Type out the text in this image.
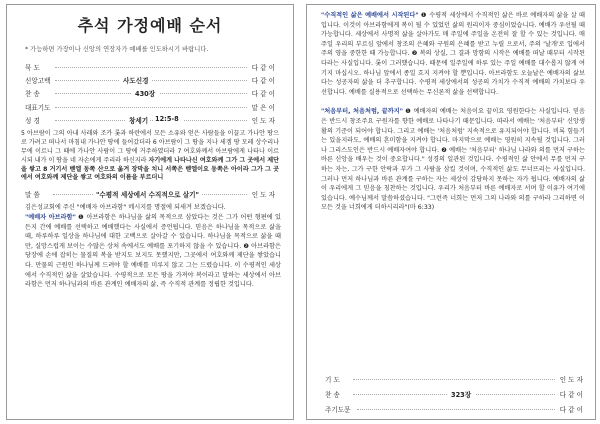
추석 가정예배 순서
* 가능하면 가장이나 신앙의 연장자가 예배를 인도하시기 바랍니다.
묵 도	다 같 이
신앙고백	사도신경	다 같 이
찬 송	430장	다 같 이
대표기도	맡 은 이
성 경	창세기	12:5-8	인 도 자
5 아브람이 그의 아내 사래와 조카 롯과 하란에서 모든 소유와 얻은 사람들을 이끌고 가나안 땅으로 가려고 떠나서 마침내 가나안 땅에 들어갔더라 6 아브람이 그 땅을 지나 세겜 땅 모레 상수리나무에 이르니 그 때에 가나안 사람이 그 땅에 거주하였더라 7 여호와께서 아브람에게 나타나 이르시되 내가 이 땅을 네 자손에게 주리라 하신지라 자기에게 나타나신 여호와께 그가 그 곳에서 제단을 쌓고 8 거기서 벧엘 동쪽 산으로 옮겨 장막을 치니 서쪽은 벧엘이요 동쪽은 아이라 그가 그 곳에서 여호와께 제단을 쌓고 여호와의 이름을 부르더니
말 씀	"수평적 세상에서 수직적으로 살기"	인 도 자
김은성교회에 주신 "예배자 아브라함" 메시지를 명절에 되새겨 보겠습니다.
"예배자 아브라함" ❶ 아브라함은 하나님을 삶의 목적으로 삼았다는 것은 그가 어떤 형편에 있든지 간에 예배를 선택하고 예배했다는 사실에서 증언됩니다. 믿음은 하나님을 목적으로 삶을 때, 하루하루 일상을 하나님에 대한 고백으로 살아갈 수 있습니다. 하나님을 목적으로 삶을 때만, 실망스럽게 보이는 수많은 상처 속에서도 예배를 포기하지 않을 수 있습니다. ❷ 아브라함은 당장에 손에 잡히는 물질의 복을 받지도 보지도 못했지만, 그곳에서 여호와께 제단을 쌓았습니다. 만물의 근원인 하나님께 드려야 할 예배를 미루지 않고 그는 드렸습니다. 이 수평적인 세상에서 수직적인 삶을 살았습니다. 수평적으로 모든 땅을 가져야 복이라고 말하는 세상에서 아브라함은 먼저 하나님과의 바른 관계인 예배자의 삶, 즉 수직적 관계를 정립한 것입니다.
"수직적인 삶은 예배에서 시작된다" ❶ 수평적 세상에서 수직적인 삶은 바로 예배자의 삶을 살 때입니다. 이것이 아브라함에게 복이 될 수 있었던 삶의 원리이자 중심이었습니다. 예배가 우선될 때 가능합니다. 세상에서 사명적 삶을 살아가도 매 주일에 주일을 온전히 잘 할 수 있는 것입니다. 매 주일 우리의 부르심 앞에서 창조의 은혜와 구원의 은혜를 받고 누릴 으로서, 주의 '날개'로 입에서 주의 영을 중한한 때 가능합니다. ❷ 복의 상실, 그 결과 망함의 시작은 예배를 떠날 때부터 시작된다라는 사실입니다. 롯이 그러했습니다. 때문에 일주일에 하루 있는 주일 예배를 대수롭지 않게 여기지 마십시오. 하나님 앞에서 종일 흐지 지켜야 할 뿐입니다. 아브라함도 오늘날은 예배자의 삶보다는 성공자의 삶을 더 추구합니다. 수평적 세상에서의 성공의 가치가 수직적 예배의 가치보다 우선합니다. 예배를 실용적으로 선택하는 무신론적 삶을 선택합니다.
"처음부터, 처음처럼, 끝까지" ❶ 예배자의 예배는 처음이요 끝이요 영원한다는 사실입니다. 믿음은 반드시 창조주요 구원자를 향한 예배로 나타나기 때문입니다. 따라서 예배는 '처음부터' 신앙생활의 기준이 되어야 합니다. 그리고 예배는 '처음처럼' 지속적으로 유지되어야 합니다. 비록 힘들기는 있을지라도, 예배의 혼미함을 지켜야 합니다. 마지막으로 예배는 영원히 지속될 것입니다. 그러나 그리스도인은 반드시 예배자여야 합니다. ❷ 예배는 '처음부터' 하나님 나라와 의를 먼저 구하는 바른 신앙을 배우는 것이 중요합니다." 성경의 일관된 것입니다. 수평적인 삶 안에서 무를 먼저 구하는 자는, 그가 구한 안락과 부가 그 사람을 삼킬 것이며, 수직적인 삶도 무너뜨리는 사실입니다. 그러나 먼저 하나님과 바른 관계를 구하는 자는 세상이 감당하지 못하는 자가 됩니다. 예배자의 삶이 우리에게 그 믿음을 칭찬하는 것입니다. 우리가 처음부터 바른 예배자로 서며 할 이유가 여기에 있습니다. 예수님께서 말씀하셨습니다. "그런즉 너희는 먼저 그의 나라와 의를 구하라 그리하면 이 모든 것을 너희에게 더하시리라"(마 6:33)
기 도	인 도 자
찬 송	323장	다 같 이
주기도문	다 같 이
